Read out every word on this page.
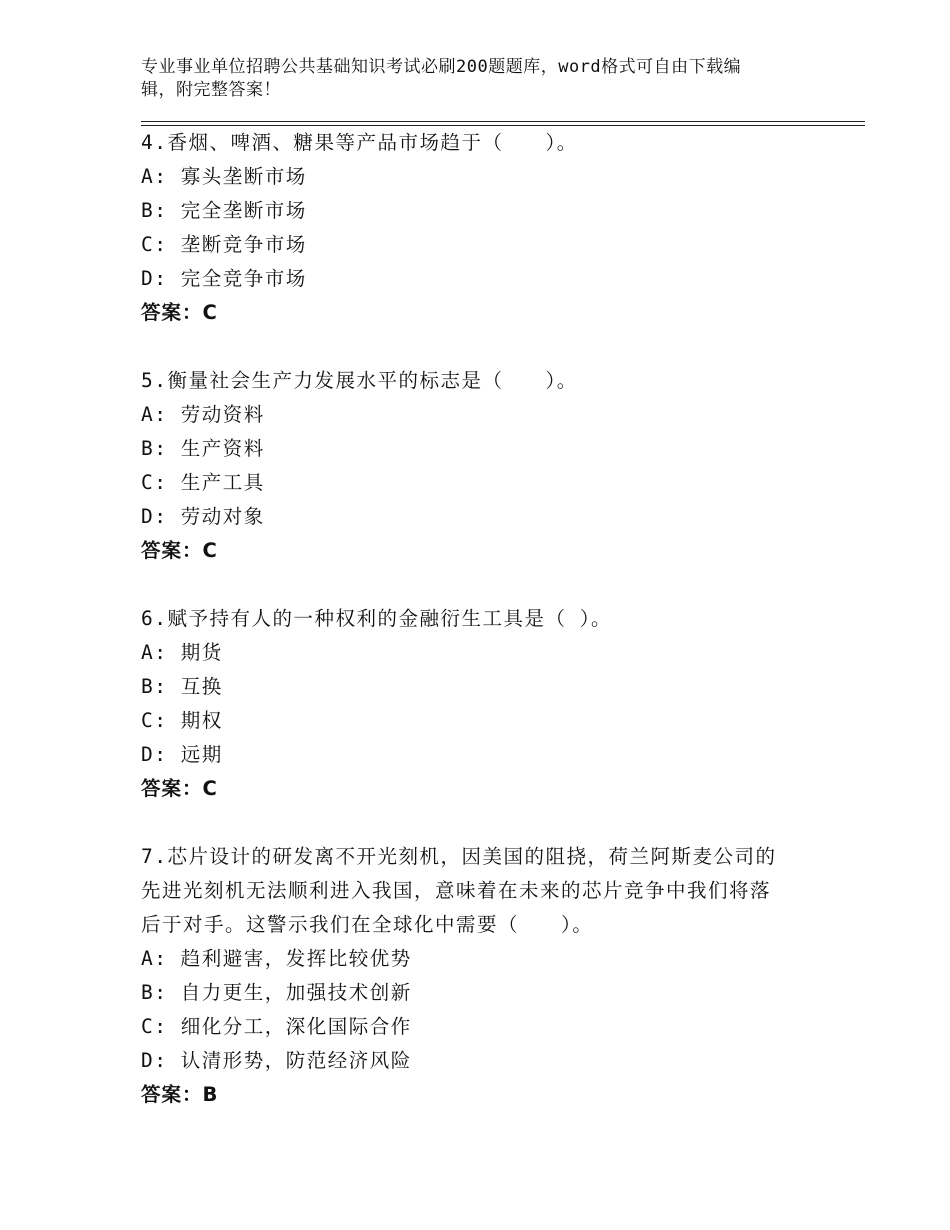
专业事业单位招聘公共基础知识考试必刷200题题库，word格式可自由下载编
辑，附完整答案！
4.香烟、啤酒、糖果等产品市场趋于（　　）。
A: 寡头垄断市场
B: 完全垄断市场
C: 垄断竞争市场
D: 完全竞争市场
答案：C
5.衡量社会生产力发展水平的标志是（　　）。
A: 劳动资料
B: 生产资料
C: 生产工具
D: 劳动对象
答案：C
6.赋予持有人的一种权利的金融衍生工具是（ ）。
A: 期货
B: 互换
C: 期权
D: 远期
答案：C
7.芯片设计的研发离不开光刻机，因美国的阻挠，荷兰阿斯麦公司的
先进光刻机无法顺利进入我国，意味着在未来的芯片竞争中我们将落
后于对手。这警示我们在全球化中需要（　　）。
A: 趋利避害，发挥比较优势
B: 自力更生，加强技术创新
C: 细化分工，深化国际合作
D: 认清形势，防范经济风险
答案：B
